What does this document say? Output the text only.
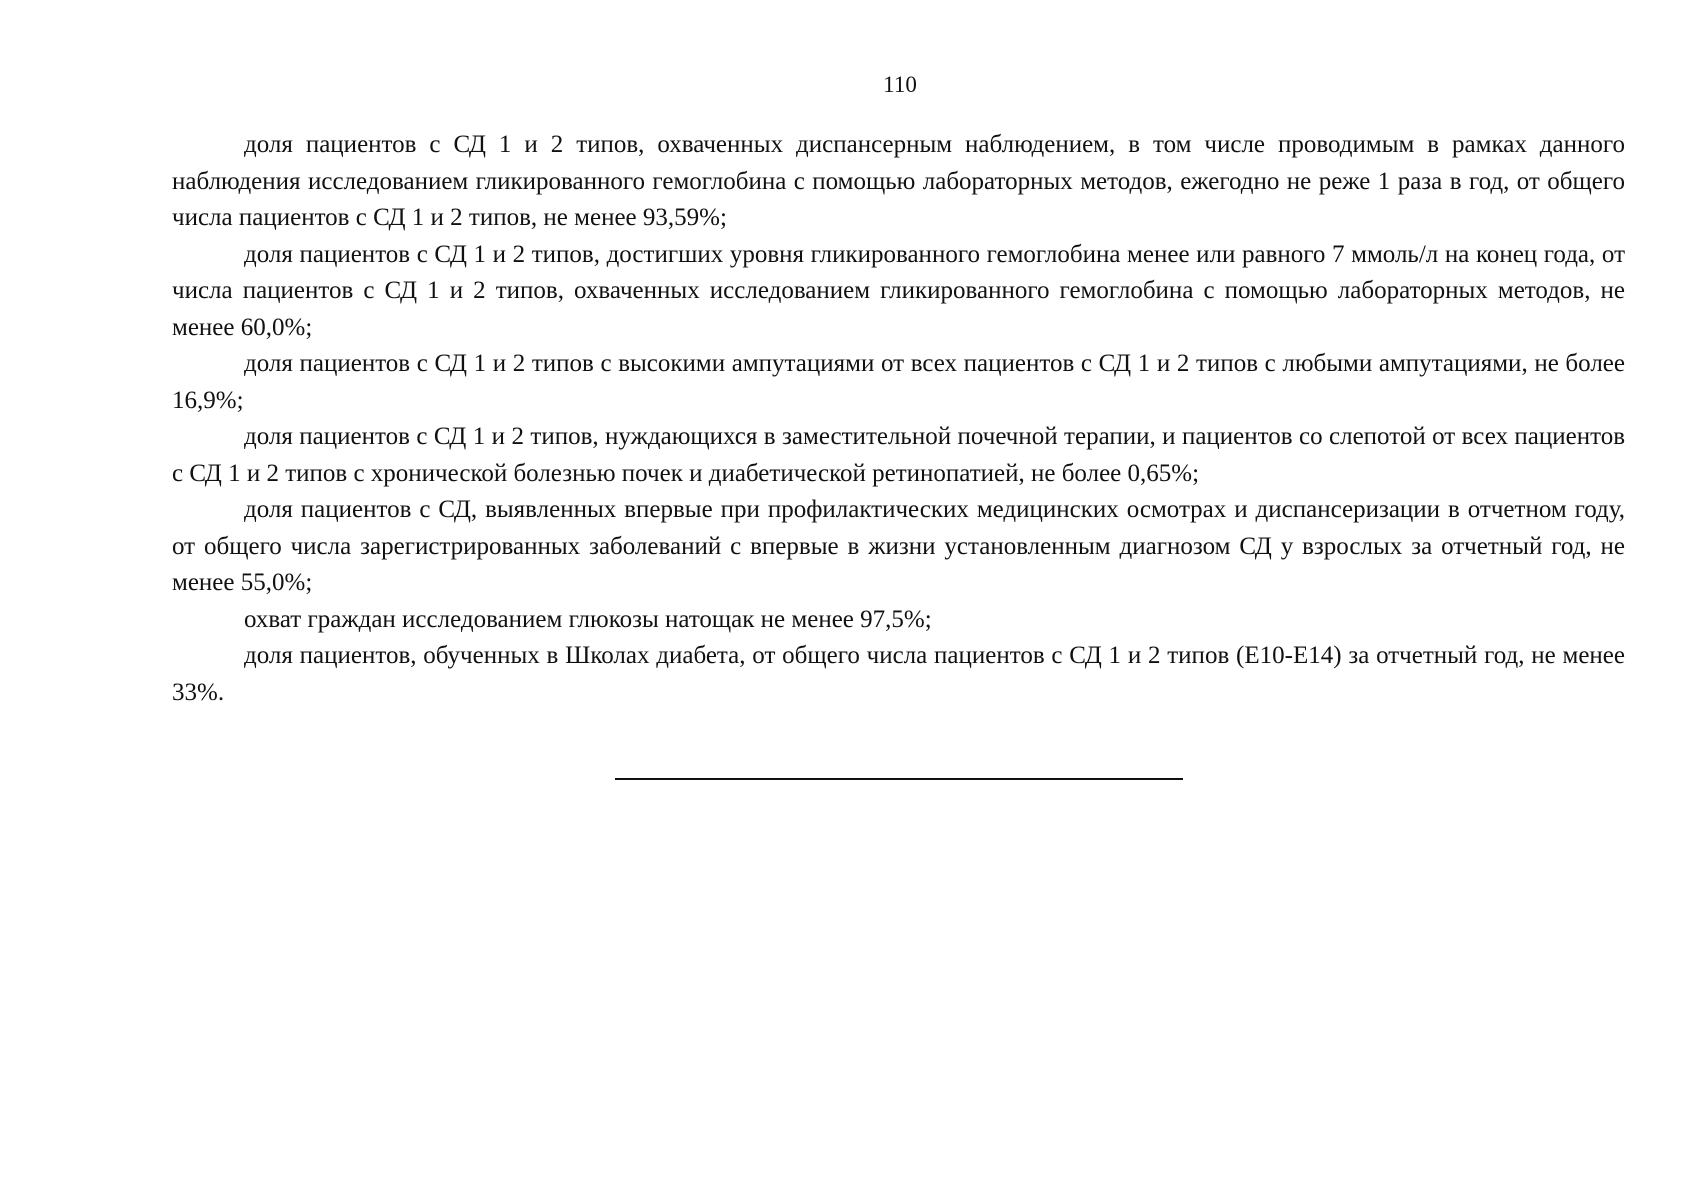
110

доля пациентов с СД 1 и 2 типов, охваченных диспансерным наблюдением, в том числе проводимым в рамках данного наблюдения исследованием гликированного гемоглобина с помощью лабораторных методов, ежегодно не реже 1 раза в год, от общего числа пациентов с СД 1 и 2 типов, не менее 93,59%;

доля пациентов с СД 1 и 2 типов, достигших уровня гликированного гемоглобина менее или равного 7 ммоль/л на конец года, от числа пациентов с СД 1 и 2 типов, охваченных исследованием гликированного гемоглобина с помощью лабораторных методов, не менее 60,0%;

доля пациентов с СД 1 и 2 типов с высокими ампутациями от всех пациентов с СД 1 и 2 типов с любыми ампутациями, не более 16,9%;

доля пациентов с СД 1 и 2 типов, нуждающихся в заместительной почечной терапии, и пациентов со слепотой от всех пациентов с СД 1 и 2 типов с хронической болезнью почек и диабетической ретинопатией, не более 0,65%;

доля пациентов с СД, выявленных впервые при профилактических медицинских осмотрах и диспансеризации в отчетном году, от общего числа зарегистрированных заболеваний с впервые в жизни установленным диагнозом СД у взрослых за отчетный год, не менее 55,0%;

охват граждан исследованием глюкозы натощак не менее 97,5%;

доля пациентов, обученных в Школах диабета, от общего числа пациентов с СД 1 и 2 типов (Е10-Е14) за отчетный год, не менее 33%.
